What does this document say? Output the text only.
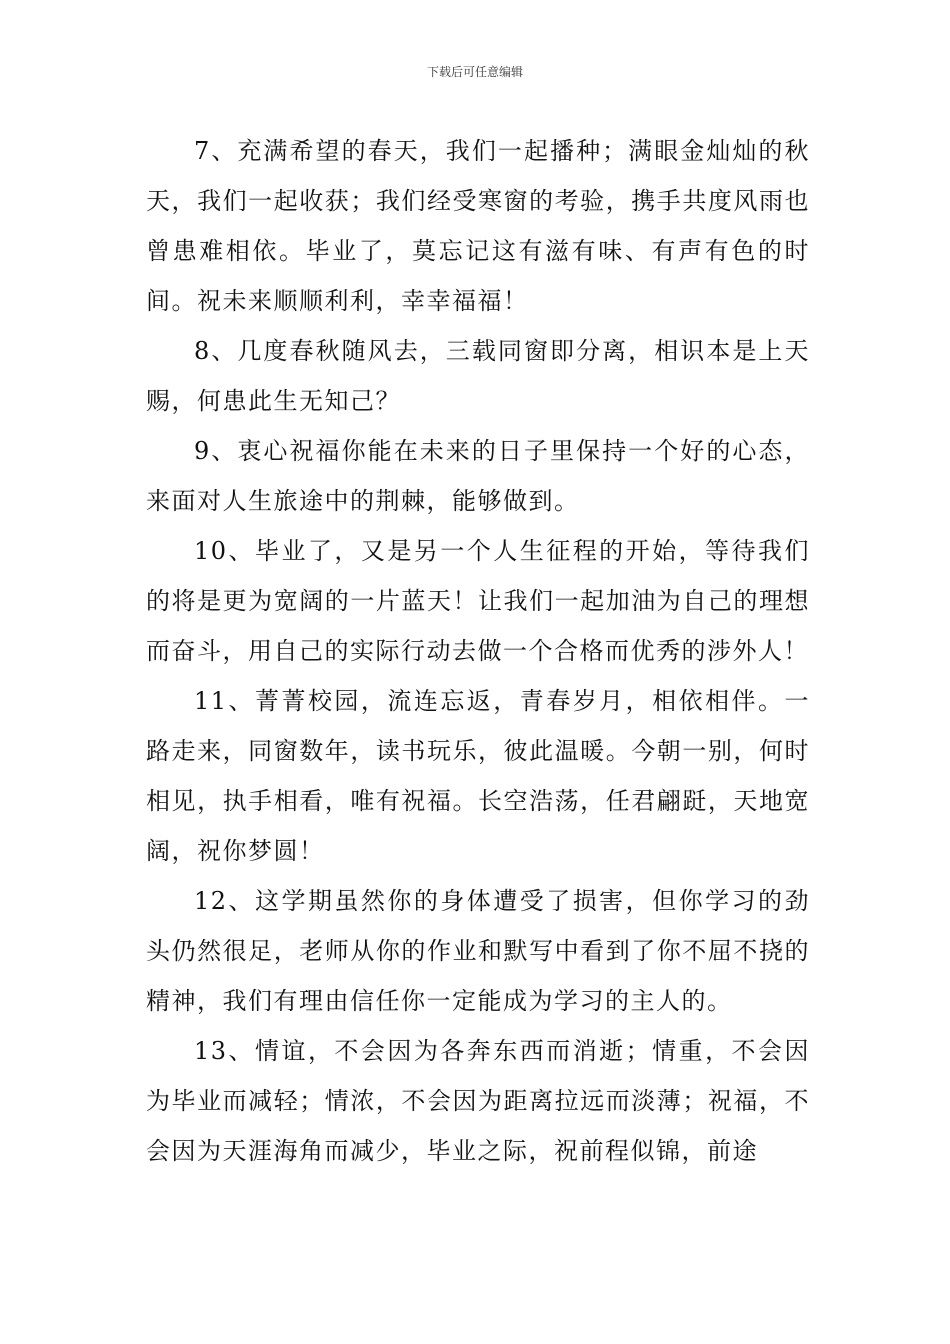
下载后可任意编辑

7、充满希望的春天，我们一起播种；满眼金灿灿的秋天，我们一起收获；我们经受寒窗的考验，携手共度风雨也曾患难相依。毕业了，莫忘记这有滋有味、有声有色的时间。祝未来顺顺利利，幸幸福福！

8、几度春秋随风去，三载同窗即分离，相识本是上天赐，何患此生无知己？

9、衷心祝福你能在未来的日子里保持一个好的心态，来面对人生旅途中的荆棘，能够做到。

10、毕业了，又是另一个人生征程的开始，等待我们的将是更为宽阔的一片蓝天！让我们一起加油为自己的理想而奋斗，用自己的实际行动去做一个合格而优秀的涉外人！

11、菁菁校园，流连忘返，青春岁月，相依相伴。一路走来，同窗数年，读书玩乐，彼此温暖。今朝一别，何时相见，执手相看，唯有祝福。长空浩荡，任君翩跹，天地宽阔，祝你梦圆！

12、这学期虽然你的身体遭受了损害，但你学习的劲头仍然很足，老师从你的作业和默写中看到了你不屈不挠的精神，我们有理由信任你一定能成为学习的主人的。

13、情谊，不会因为各奔东西而消逝；情重，不会因为毕业而减轻；情浓，不会因为距离拉远而淡薄；祝福，不会因为天涯海角而减少，毕业之际，祝前程似锦，前途
